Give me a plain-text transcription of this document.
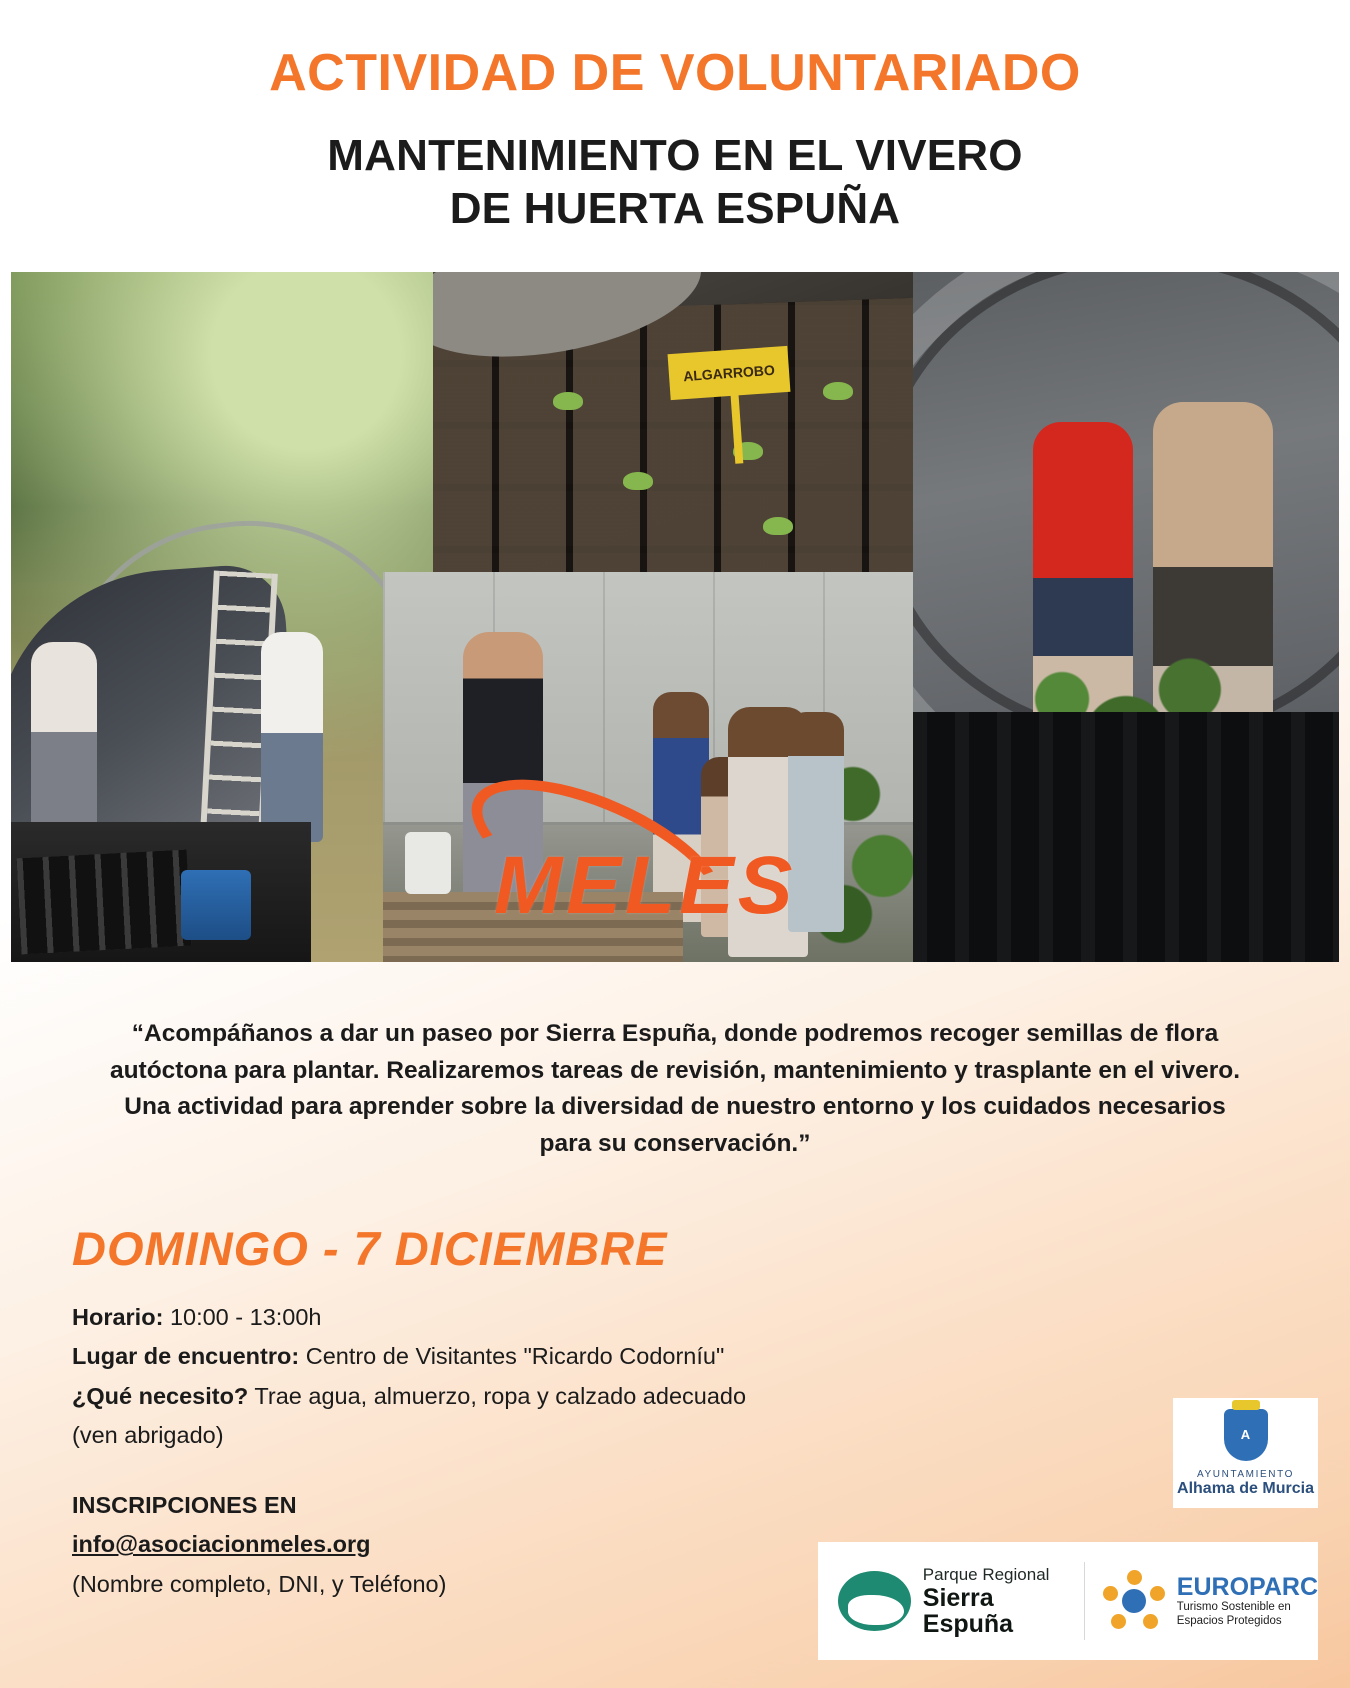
ACTIVIDAD DE VOLUNTARIADO
MANTENIMIENTO EN EL VIVERO
DE HUERTA ESPUÑA
ALGARROBO
MELES
“Acompáñanos a dar un paseo por Sierra Espuña, donde podremos recoger semillas de flora autóctona para plantar. Realizaremos tareas de revisión, mantenimiento y trasplante en el vivero. Una actividad para aprender sobre la diversidad de nuestro entorno y los cuidados necesarios para su conservación.”
DOMINGO - 7 DICIEMBRE
Horario: 10:00 - 13:00h
Lugar de encuentro: Centro de Visitantes "Ricardo Codorníu"
¿Qué necesito? Trae agua, almuerzo, ropa y calzado adecuado
(ven abrigado)
INSCRIPCIONES EN
info@asociacionmeles.org
(Nombre completo, DNI, y Teléfono)
A
AYUNTAMIENTO
Alhama de Murcia
Parque Regional
Sierra Espuña
EUROPARC
Turismo Sostenible en
Espacios Protegidos
